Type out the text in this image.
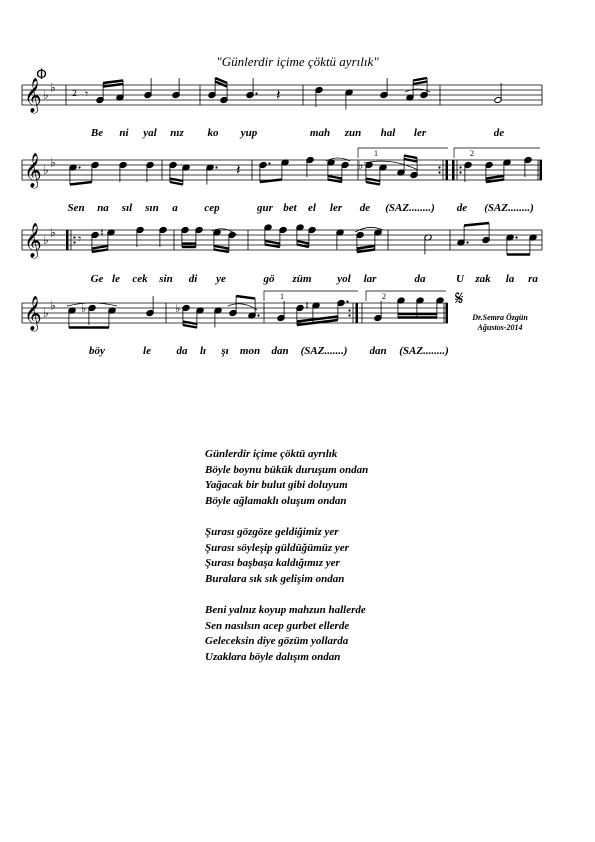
"Günlerdir içime çöktü ayrılık"
𝄞 ♭
♭
Φ
2 𝄾	𝄽
𝄞 ♭
♭	𝄽
1
♭
2
𝄞 ♭
♭ 𝄾 ♮
𝄞 ♭
♭ ♭	♭
1
♮
2	𝄋
Be ni yal nız ko yup	mah zun hal ler	de
Sen na sıl sın a cep	gur bet el ler de (SAZ........) de (SAZ........)
Ge le cek sin di ye	gö züm yol lar	da	U zak la ra
böy	le da lı şı mon dan (SAZ.......) dan (SAZ........)
Dr.Semra Özgün
Ağustos-2014
Günlerdir içime çöktü ayrılık
Böyle boynu bükük duruşum ondan
Yağacak bir bulut gibi doluyum
Böyle ağlamaklı oluşum ondan
Şurası gözgöze geldiğimiz yer
Şurası söyleşip güldüğümüz yer
Şurası başbaşa kaldığımız yer
Buralara sık sık gelişim ondan
Beni yalnız koyup mahzun hallerde
Sen nasılsın acep gurbet ellerde
Geleceksin diye gözüm yollarda
Uzaklara böyle dalışım ondan
